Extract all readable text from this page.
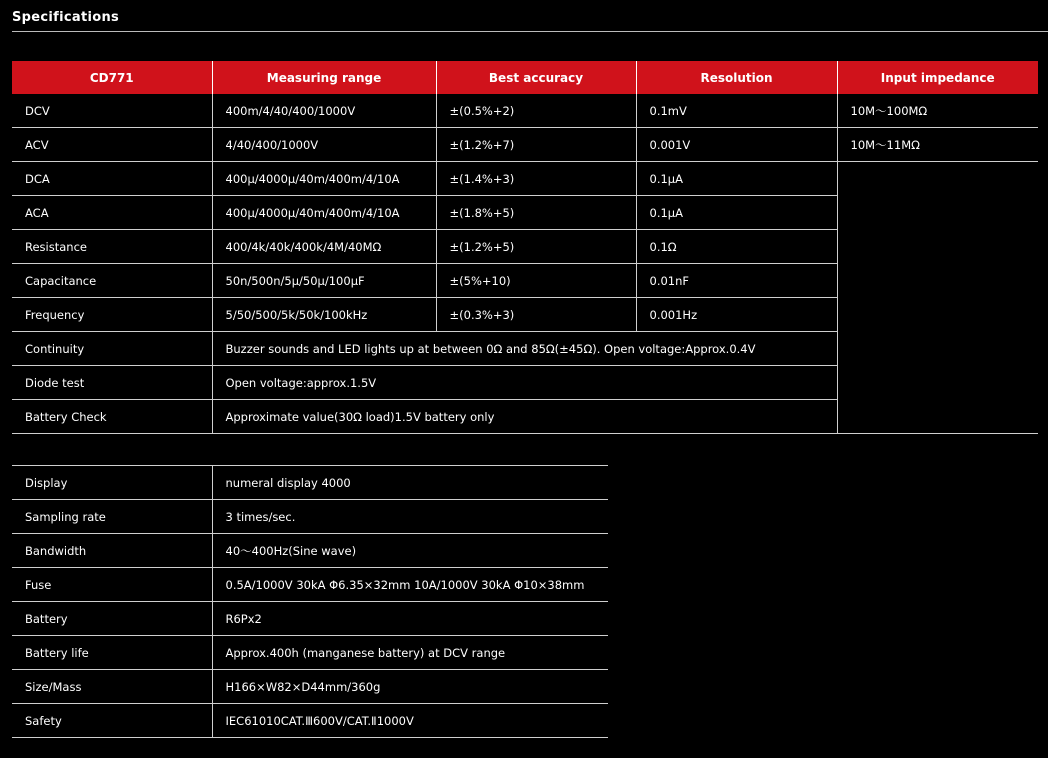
Specifications
CD771	Measuring range	Best accuracy	Resolution	Input impedance
DCV	400m/4/40/400/1000V	±(0.5%+2)	0.1mV	10M～100MΩ
ACV	4/40/400/1000V	±(1.2%+7)	0.001V	10M～11MΩ
DCA	400μ/4000μ/40m/400m/4/10A	±(1.4%+3)	0.1μA	
ACA	400μ/4000μ/40m/400m/4/10A	±(1.8%+5)	0.1μA	
Resistance	400/4k/40k/400k/4M/40MΩ	±(1.2%+5)	0.1Ω	
Capacitance	50n/500n/5μ/50μ/100μF	±(5%+10)	0.01nF	
Frequency	5/50/500/5k/50k/100kHz	±(0.3%+3)	0.001Hz	
Continuity	Buzzer sounds and LED lights up at between 0Ω and 85Ω(±45Ω). Open voltage:Approx.0.4V			
Diode test	Open voltage:approx.1.5V			
Battery Check	Approximate value(30Ω load)1.5V battery only			
Display	numeral display 4000
Sampling rate	3 times/sec.
Bandwidth	40～400Hz(Sine wave)
Fuse	0.5A/1000V 30kA Φ6.35×32mm 10A/1000V 30kA Φ10×38mm
Battery	R6Px2
Battery life	Approx.400h (manganese battery) at DCV range
Size/Mass	H166×W82×D44mm/360g
Safety	IEC61010CAT.Ⅲ600V/CAT.Ⅱ1000V
